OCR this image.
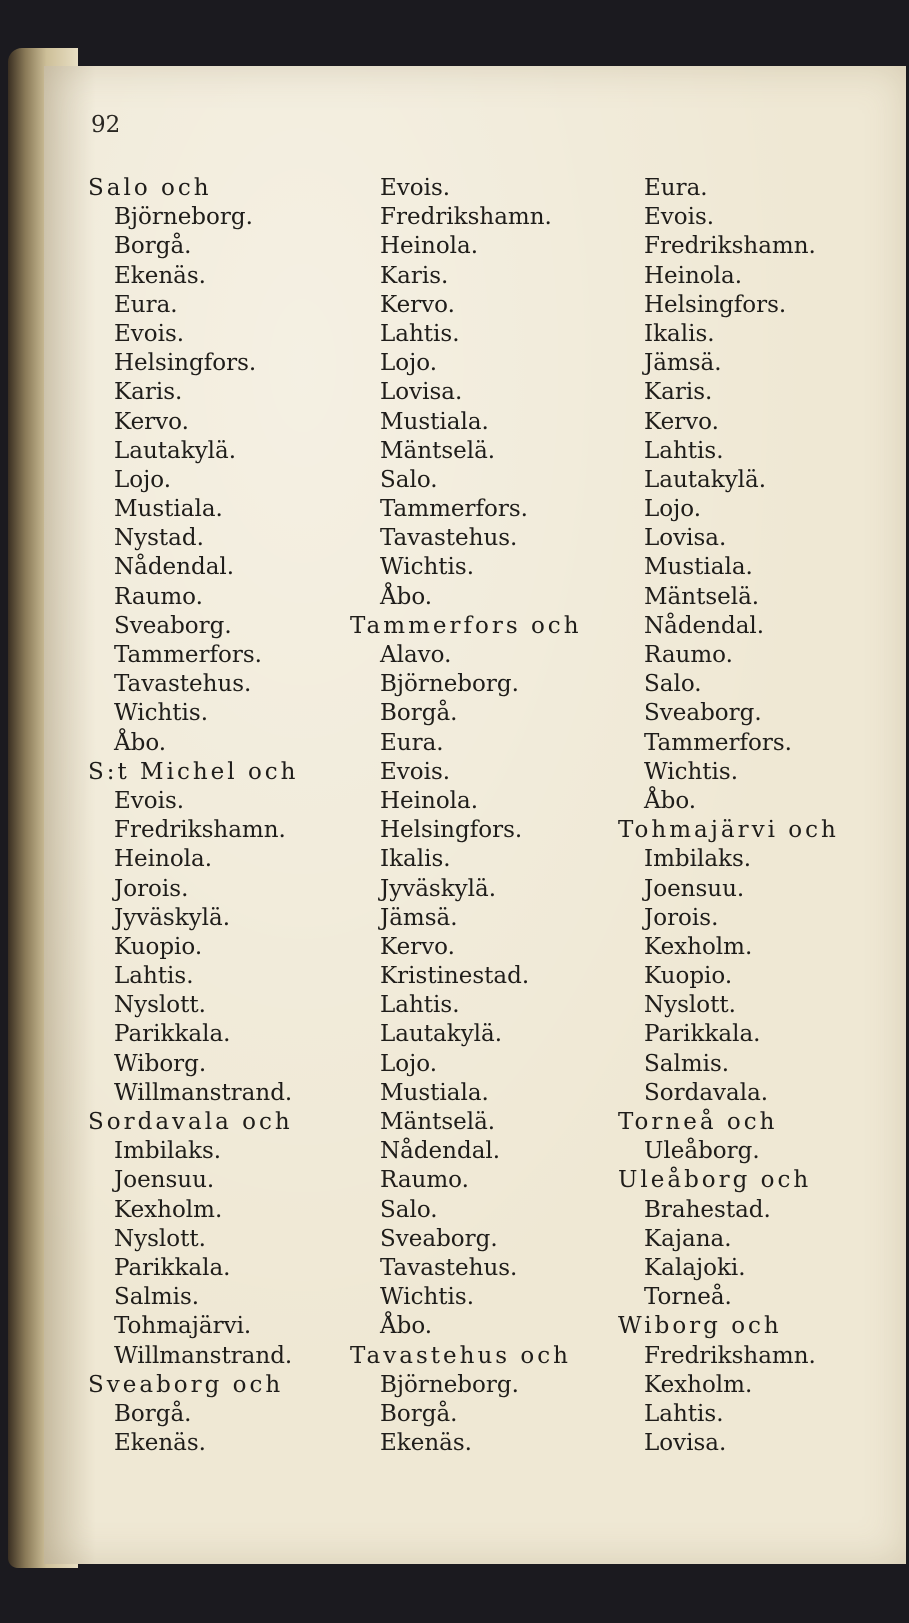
92
Salo och
Björneborg.
Borgå.
Ekenäs.
Eura.
Evois.
Helsingfors.
Karis.
Kervo.
Lautakylä.
Lojo.
Mustiala.
Nystad.
Nådendal.
Raumo.
Sveaborg.
Tammerfors.
Tavastehus.
Wichtis.
Åbo.
S:t Michel och
Evois.
Fredrikshamn.
Heinola.
Jorois.
Jyväskylä.
Kuopio.
Lahtis.
Nyslott.
Parikkala.
Wiborg.
Willmanstrand.
Sordavala och
Imbilaks.
Joensuu.
Kexholm.
Nyslott.
Parikkala.
Salmis.
Tohmajärvi.
Willmanstrand.
Sveaborg och
Borgå.
Ekenäs.
Evois.
Fredrikshamn.
Heinola.
Karis.
Kervo.
Lahtis.
Lojo.
Lovisa.
Mustiala.
Mäntselä.
Salo.
Tammerfors.
Tavastehus.
Wichtis.
Åbo.
Tammerfors och
Alavo.
Björneborg.
Borgå.
Eura.
Evois.
Heinola.
Helsingfors.
Ikalis.
Jyväskylä.
Jämsä.
Kervo.
Kristinestad.
Lahtis.
Lautakylä.
Lojo.
Mustiala.
Mäntselä.
Nådendal.
Raumo.
Salo.
Sveaborg.
Tavastehus.
Wichtis.
Åbo.
Tavastehus och
Björneborg.
Borgå.
Ekenäs.
Eura.
Evois.
Fredrikshamn.
Heinola.
Helsingfors.
Ikalis.
Jämsä.
Karis.
Kervo.
Lahtis.
Lautakylä.
Lojo.
Lovisa.
Mustiala.
Mäntselä.
Nådendal.
Raumo.
Salo.
Sveaborg.
Tammerfors.
Wichtis.
Åbo.
Tohmajärvi och
Imbilaks.
Joensuu.
Jorois.
Kexholm.
Kuopio.
Nyslott.
Parikkala.
Salmis.
Sordavala.
Torneå och
Uleåborg.
Uleåborg och
Brahestad.
Kajana.
Kalajoki.
Torneå.
Wiborg och
Fredrikshamn.
Kexholm.
Lahtis.
Lovisa.
